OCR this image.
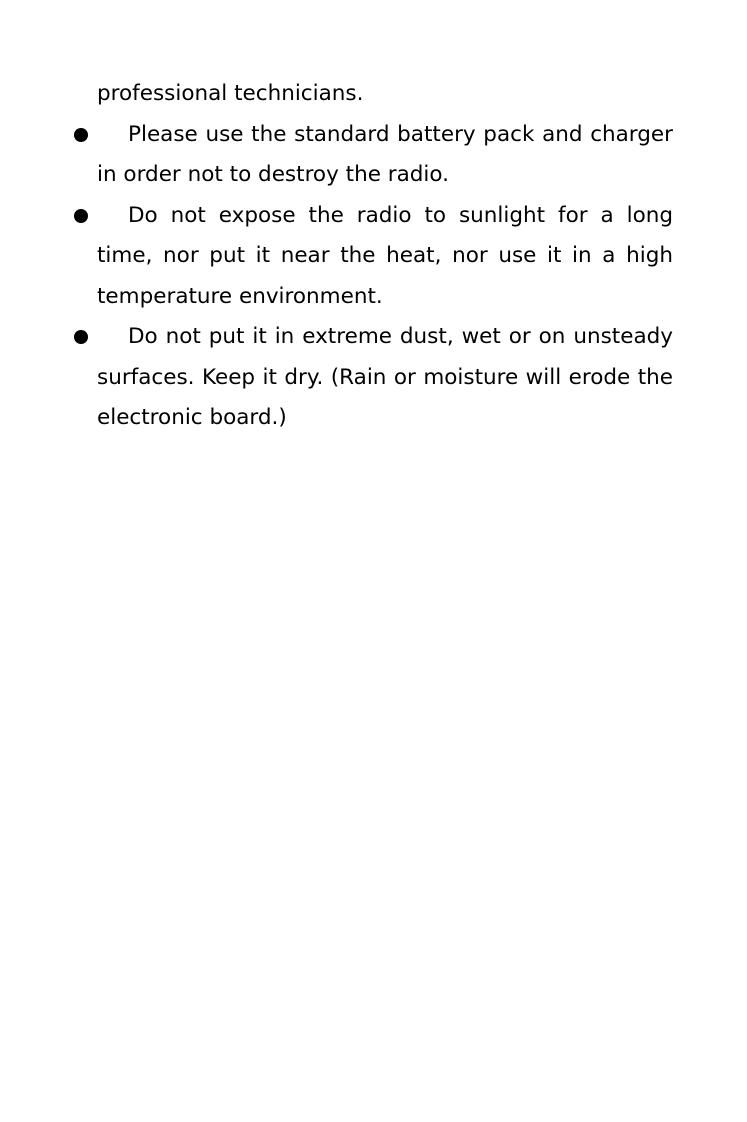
professional technicians.

Please use the standard battery pack and charger in order not to destroy the radio.
Do not expose the radio to sunlight for a long time, nor put it near the heat, nor use it in a high temperature environment.
Do not put it in extreme dust, wet or on unsteady surfaces. Keep it dry. (Rain or moisture will erode the electronic board.)
